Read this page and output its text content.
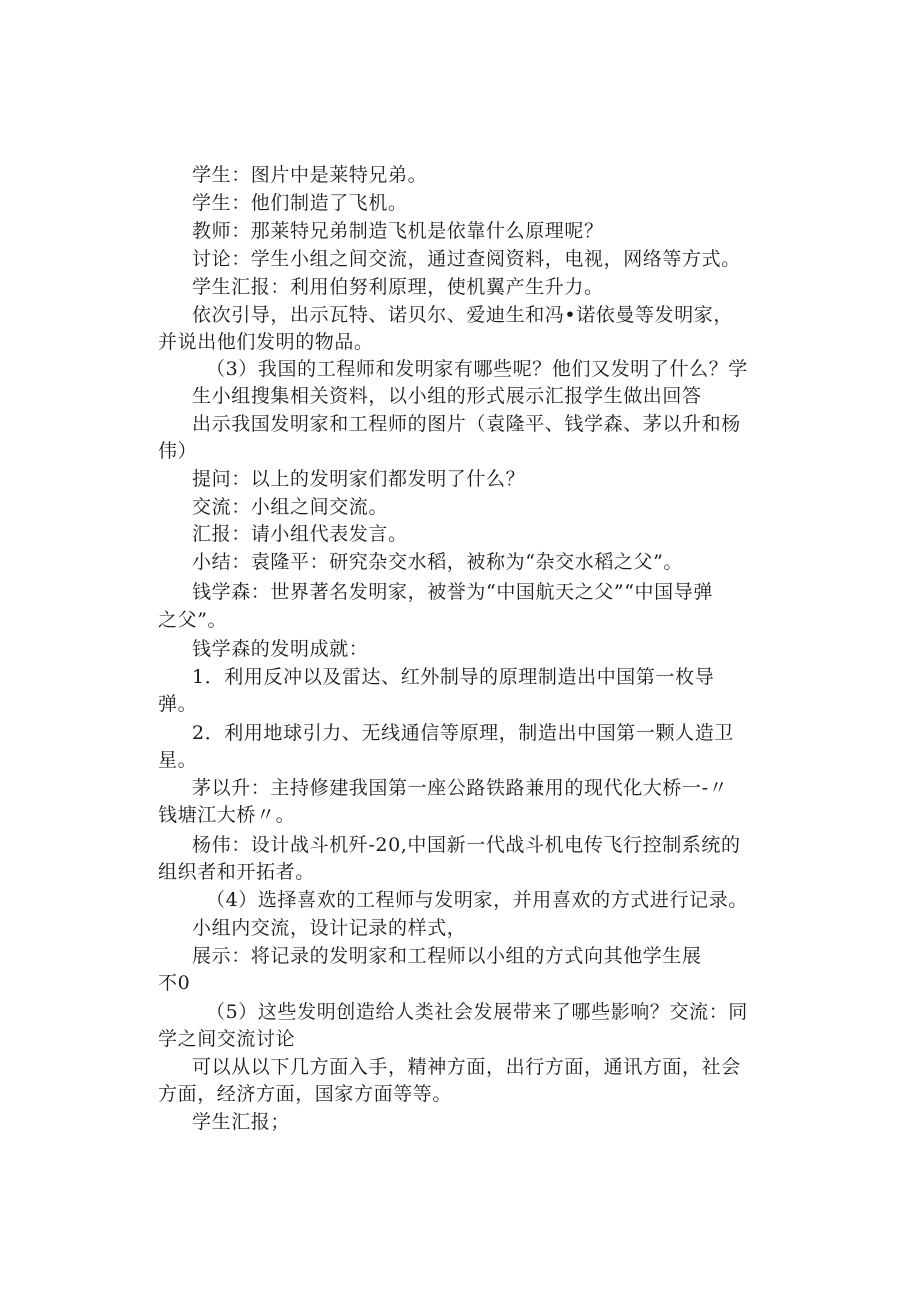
学生：图片中是莱特兄弟。
学生：他们制造了飞机。
教师：那莱特兄弟制造飞机是依靠什么原理呢？
讨论：学生小组之间交流，通过查阅资料，电视，网络等方式。
学生汇报：利用伯努利原理，使机翼产生升力。
依次引导，出示瓦特、诺贝尔、爱迪生和冯•诺依曼等发明家，
并说出他们发明的物品。
（3）我国的工程师和发明家有哪些呢？他们又发明了什么？学
生小组搜集相关资料，以小组的形式展示汇报学生做出回答
出示我国发明家和工程师的图片（袁隆平、钱学森、茅以升和杨
伟）
提问：以上的发明家们都发明了什么？
交流：小组之间交流。
汇报：请小组代表发言。
小结：袁隆平：研究杂交水稻，被称为“杂交水稻之父”。
钱学森：世界著名发明家，被誉为“中国航天之父”“中国导弹
之父”。
钱学森的发明成就：
1．利用反冲以及雷达、红外制导的原理制造出中国第一枚导
弹。
2．利用地球引力、无线通信等原理，制造出中国第一颗人造卫
星。
茅以升：主持修建我国第一座公路铁路兼用的现代化大桥一-〃
钱塘江大桥〃。
杨伟：设计战斗机歼-20,中国新一代战斗机电传飞行控制系统的
组织者和开拓者。
（4）选择喜欢的工程师与发明家，并用喜欢的方式进行记录。
小组内交流，设计记录的样式，
展示：将记录的发明家和工程师以小组的方式向其他学生展
不0
（5）这些发明创造给人类社会发展带来了哪些影响？交流：同
学之间交流讨论
可以从以下几方面入手，精神方面，出行方面，通讯方面，社会
方面，经济方面，国家方面等等。
学生汇报；
